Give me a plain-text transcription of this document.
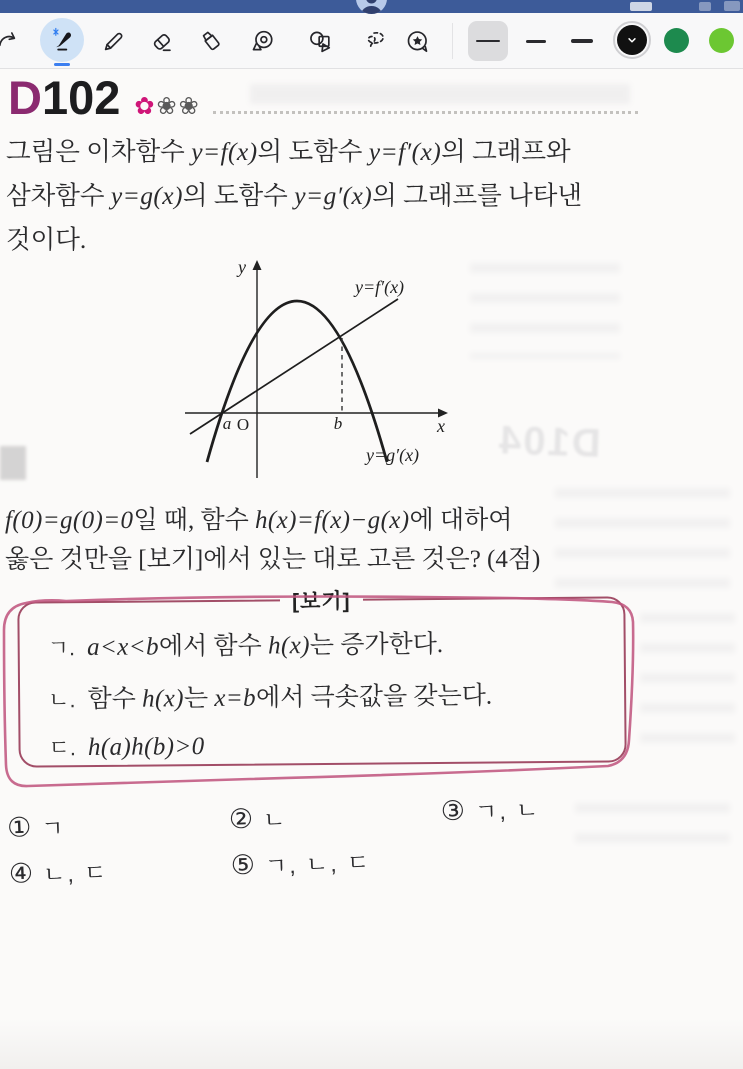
D104
D102 ✿❀❀
그림은 이차함수 y=f(x)의 도함수 y=f′(x)의 그래프와
삼차함수 y=g(x)의 도함수 y=g′(x)의 그래프를 나타낸
것이다.
y
x
a O	b
y=f′(x)
y=g′(x)
f(0)=g(0)=0일 때, 함수 h(x)=f(x)−g(x)에 대하여
옳은 것만을 [보기]에서 있는 대로 고른 것은? (4점)
[보기]
ㄱ. a<x<b에서 함수 h(x)는 증가한다.
ㄴ. 함수 h(x)는 x=b에서 극솟값을 갖는다.
ㄷ. h(a)h(b)>0
① ㄱ	② ㄴ	③ ㄱ, ㄴ
④ ㄴ, ㄷ	⑤ ㄱ, ㄴ, ㄷ
